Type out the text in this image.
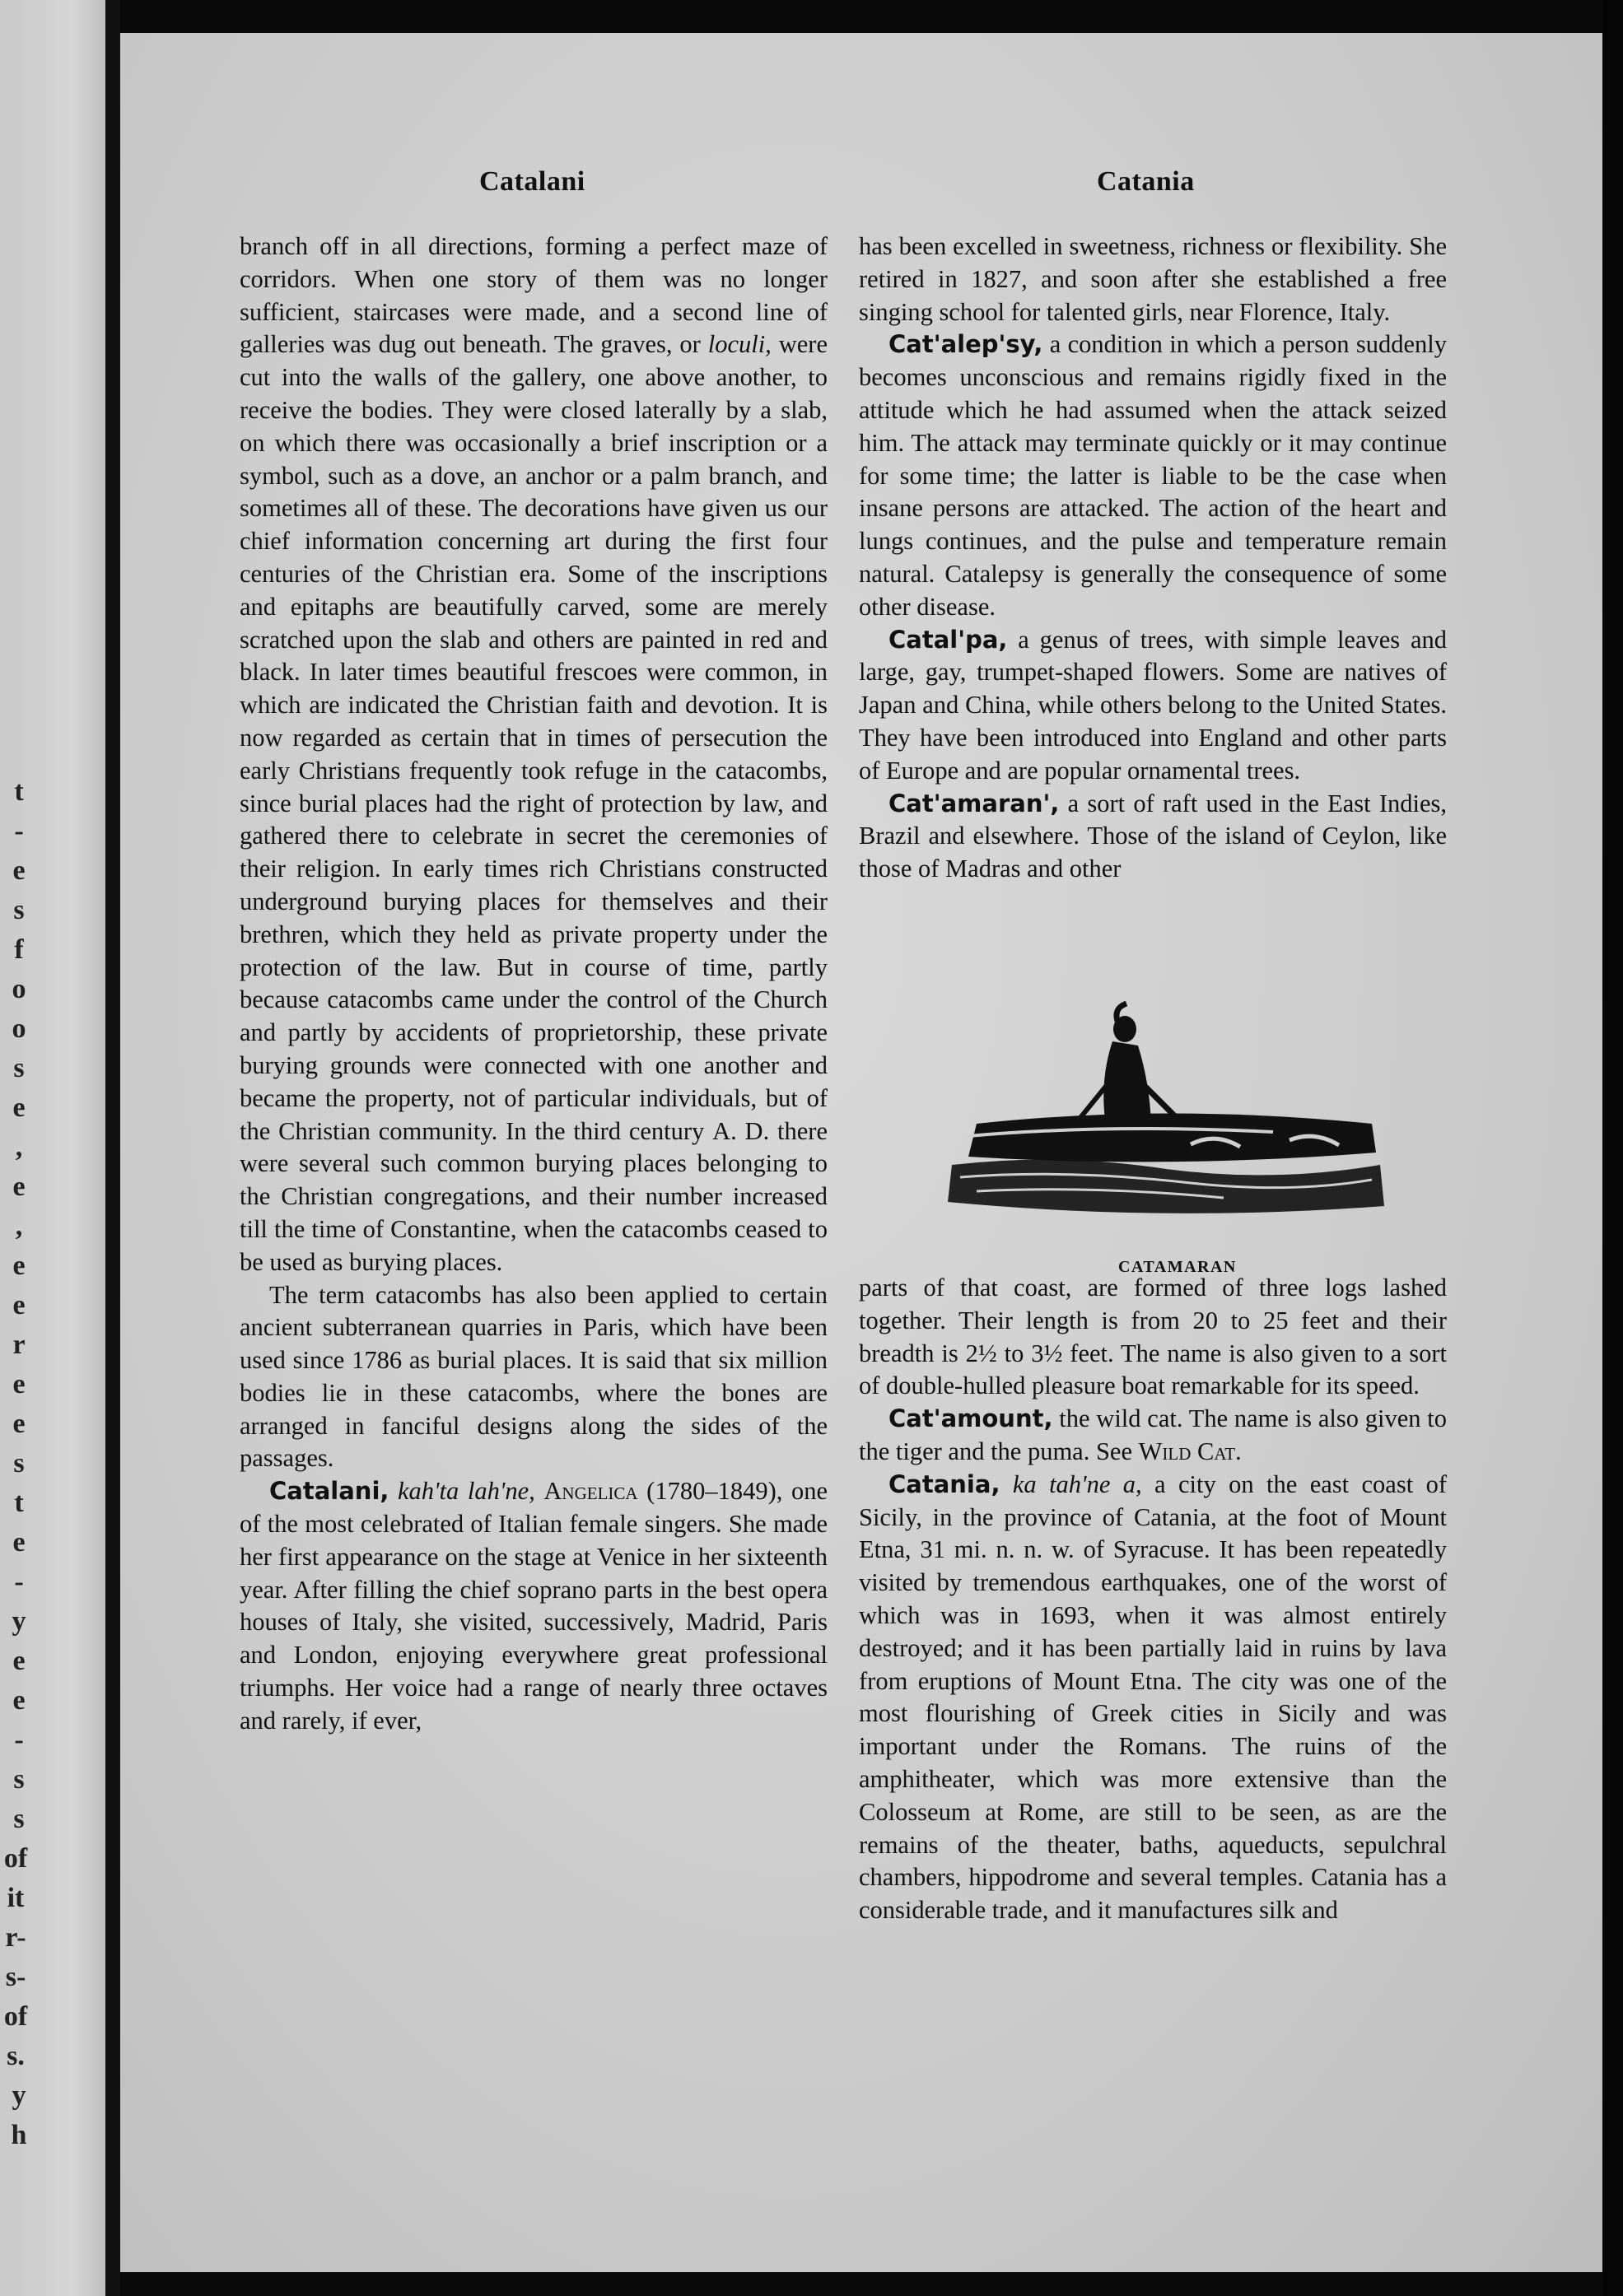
t
-
e
s
f
o
o
s
e
,
e
,
e
e
r
e
e
s
t
e
-
y
e
e
-
s
s
of
it
r-
s-
of
s.
y
h
Catalani	Catania

branch off in all directions, forming a perfect maze of corridors. When one story of them was no longer sufficient, staircases were made, and a second line of galleries was dug out beneath. The graves, or loculi, were cut into the walls of the gallery, one above another, to receive the bodies. They were closed laterally by a slab, on which there was occasionally a brief inscription or a symbol, such as a dove, an anchor or a palm branch, and sometimes all of these. The decorations have given us our chief information concerning art during the first four centuries of the Christian era. Some of the inscriptions and epitaphs are beautifully carved, some are merely scratched upon the slab and others are painted in red and black. In later times beautiful frescoes were common, in which are indicated the Christian faith and devotion. It is now regarded as certain that in times of persecution the early Christians frequently took refuge in the catacombs, since burial places had the right of protection by law, and gathered there to celebrate in secret the ceremonies of their religion. In early times rich Christians constructed underground burying places for themselves and their brethren, which they held as private property under the protection of the law. But in course of time, partly because catacombs came under the control of the Church and partly by accidents of proprietorship, these private burying grounds were connected with one another and became the property, not of particular individuals, but of the Christian community. In the third century A. D. there were several such common burying places belonging to the Christian congregations, and their number increased till the time of Constantine, when the catacombs ceased to be used as burying places.

The term catacombs has also been applied to certain ancient subterranean quarries in Paris, which have been used since 1786 as burial places. It is said that six million bodies lie in these catacombs, where the bones are arranged in fanciful designs along the sides of the passages.

Catalani, kah'ta lah'ne, Angelica (1780–1849), one of the most celebrated of Italian female singers. She made her first appearance on the stage at Venice in her sixteenth year. After filling the chief soprano parts in the best opera houses of Italy, she visited, successively, Madrid, Paris and London, enjoying everywhere great professional triumphs. Her voice had a range of nearly three octaves and rarely, if ever,

has been excelled in sweetness, richness or flexibility. She retired in 1827, and soon after she established a free singing school for talented girls, near Florence, Italy.

Cat'alep'sy, a condition in which a person suddenly becomes unconscious and remains rigidly fixed in the attitude which he had assumed when the attack seized him. The attack may terminate quickly or it may continue for some time; the latter is liable to be the case when insane persons are attacked. The action of the heart and lungs continues, and the pulse and temperature remain natural. Catalepsy is generally the consequence of some other disease.

Catal'pa, a genus of trees, with simple leaves and large, gay, trumpet-shaped flowers. Some are natives of Japan and China, while others belong to the United States. They have been introduced into England and other parts of Europe and are popular ornamental trees.

Cat'amaran', a sort of raft used in the East Indies, Brazil and elsewhere. Those of the island of Ceylon, like those of Madras and other

CATAMARAN

parts of that coast, are formed of three logs lashed together. Their length is from 20 to 25 feet and their breadth is 2½ to 3½ feet. The name is also given to a sort of double-hulled pleasure boat remarkable for its speed.

Cat'amount, the wild cat. The name is also given to the tiger and the puma. See Wild Cat.

Catania, ka tah'ne a, a city on the east coast of Sicily, in the province of Catania, at the foot of Mount Etna, 31 mi. n. n. w. of Syracuse. It has been repeatedly visited by tremendous earthquakes, one of the worst of which was in 1693, when it was almost entirely destroyed; and it has been partially laid in ruins by lava from eruptions of Mount Etna. The city was one of the most flourishing of Greek cities in Sicily and was important under the Romans. The ruins of the amphitheater, which was more extensive than the Colosseum at Rome, are still to be seen, as are the remains of the theater, baths, aqueducts, sepulchral chambers, hippodrome and several temples. Catania has a considerable trade, and it manufactures silk and
